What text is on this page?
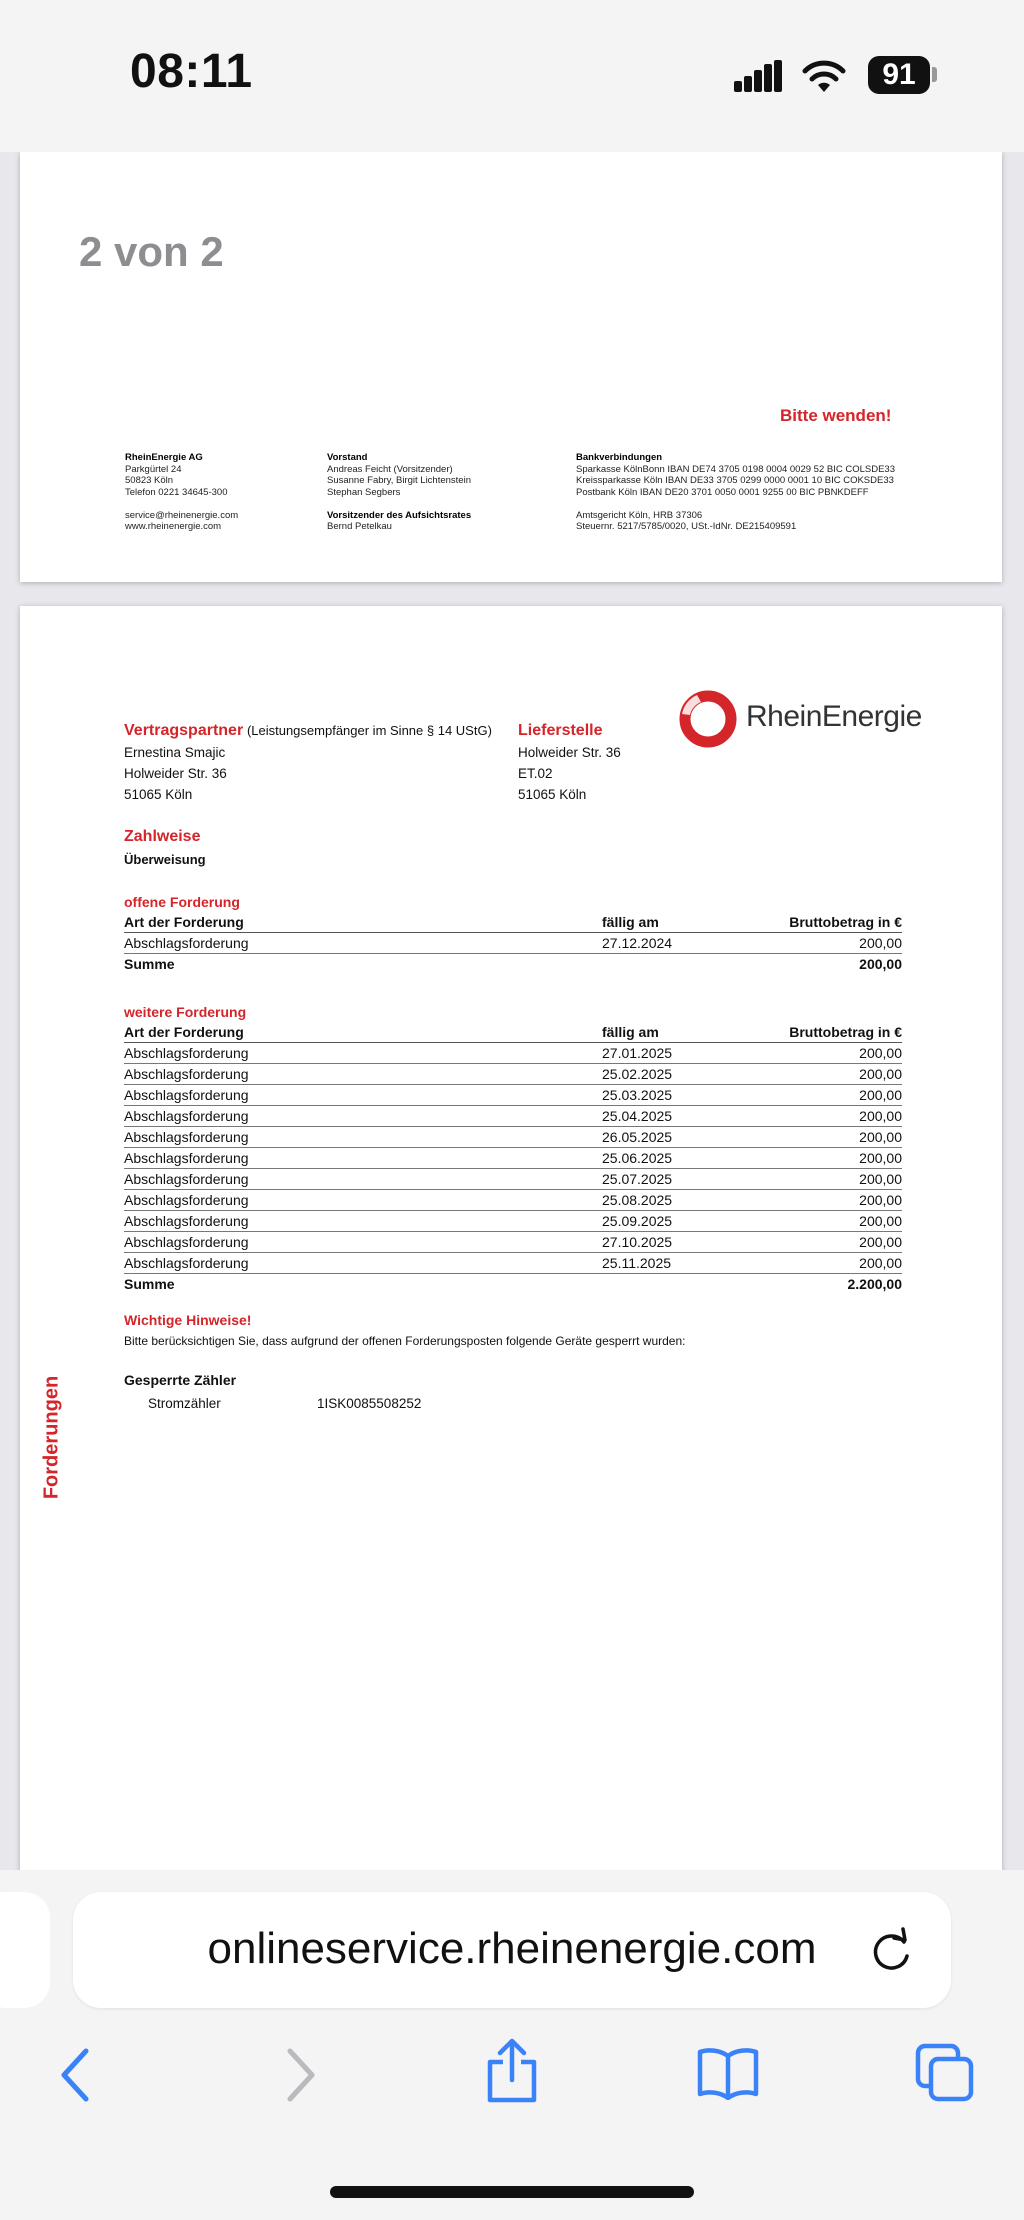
08:11	91
2 von 2
Bitte wenden!
RheinEnergie AG
Parkgürtel 24
50823 Köln
Telefon 0221 34645-300

service@rheinenergie.com
www.rheinenergie.com
Vorstand
Andreas Feicht (Vorsitzender)
Susanne Fabry, Birgit Lichtenstein
Stephan Segbers

Vorsitzender des Aufsichtsrates
Bernd Petelkau
Bankverbindungen
Sparkasse KölnBonn IBAN DE74 3705 0198 0004 0029 52 BIC COLSDE33
Kreissparkasse Köln IBAN DE33 3705 0299 0000 0001 10 BIC COKSDE33
Postbank Köln IBAN DE20 3701 0050 0001 9255 00 BIC PBNKDEFF

Amtsgericht Köln, HRB 37306
Steuernr. 5217/5785/0020, USt.-IdNr. DE215409591
RheinEnergie
Forderungen
Vertragspartner (Leistungsempfänger im Sinne § 14 UStG)
Ernestina Smajic
Holweider Str. 36
51065 Köln
Lieferstelle
Holweider Str. 36
ET.02
51065 Köln
Zahlweise
Überweisung
offene Forderung
Art der Forderung	fällig am	Bruttobetrag in €
Abschlagsforderung	27.12.2024	200,00
Summe		200,00
weitere Forderung
Art der Forderung	fällig am	Bruttobetrag in €
Abschlagsforderung	27.01.2025	200,00
Abschlagsforderung	25.02.2025	200,00
Abschlagsforderung	25.03.2025	200,00
Abschlagsforderung	25.04.2025	200,00
Abschlagsforderung	26.05.2025	200,00
Abschlagsforderung	25.06.2025	200,00
Abschlagsforderung	25.07.2025	200,00
Abschlagsforderung	25.08.2025	200,00
Abschlagsforderung	25.09.2025	200,00
Abschlagsforderung	27.10.2025	200,00
Abschlagsforderung	25.11.2025	200,00
Summe		2.200,00
Wichtige Hinweise!
Bitte berücksichtigen Sie, dass aufgrund der offenen Forderungsposten folgende Geräte gesperrt wurden:
Gesperrte Zähler
Stromzähler	1ISK0085508252
onlineservice.rheinenergie.com
